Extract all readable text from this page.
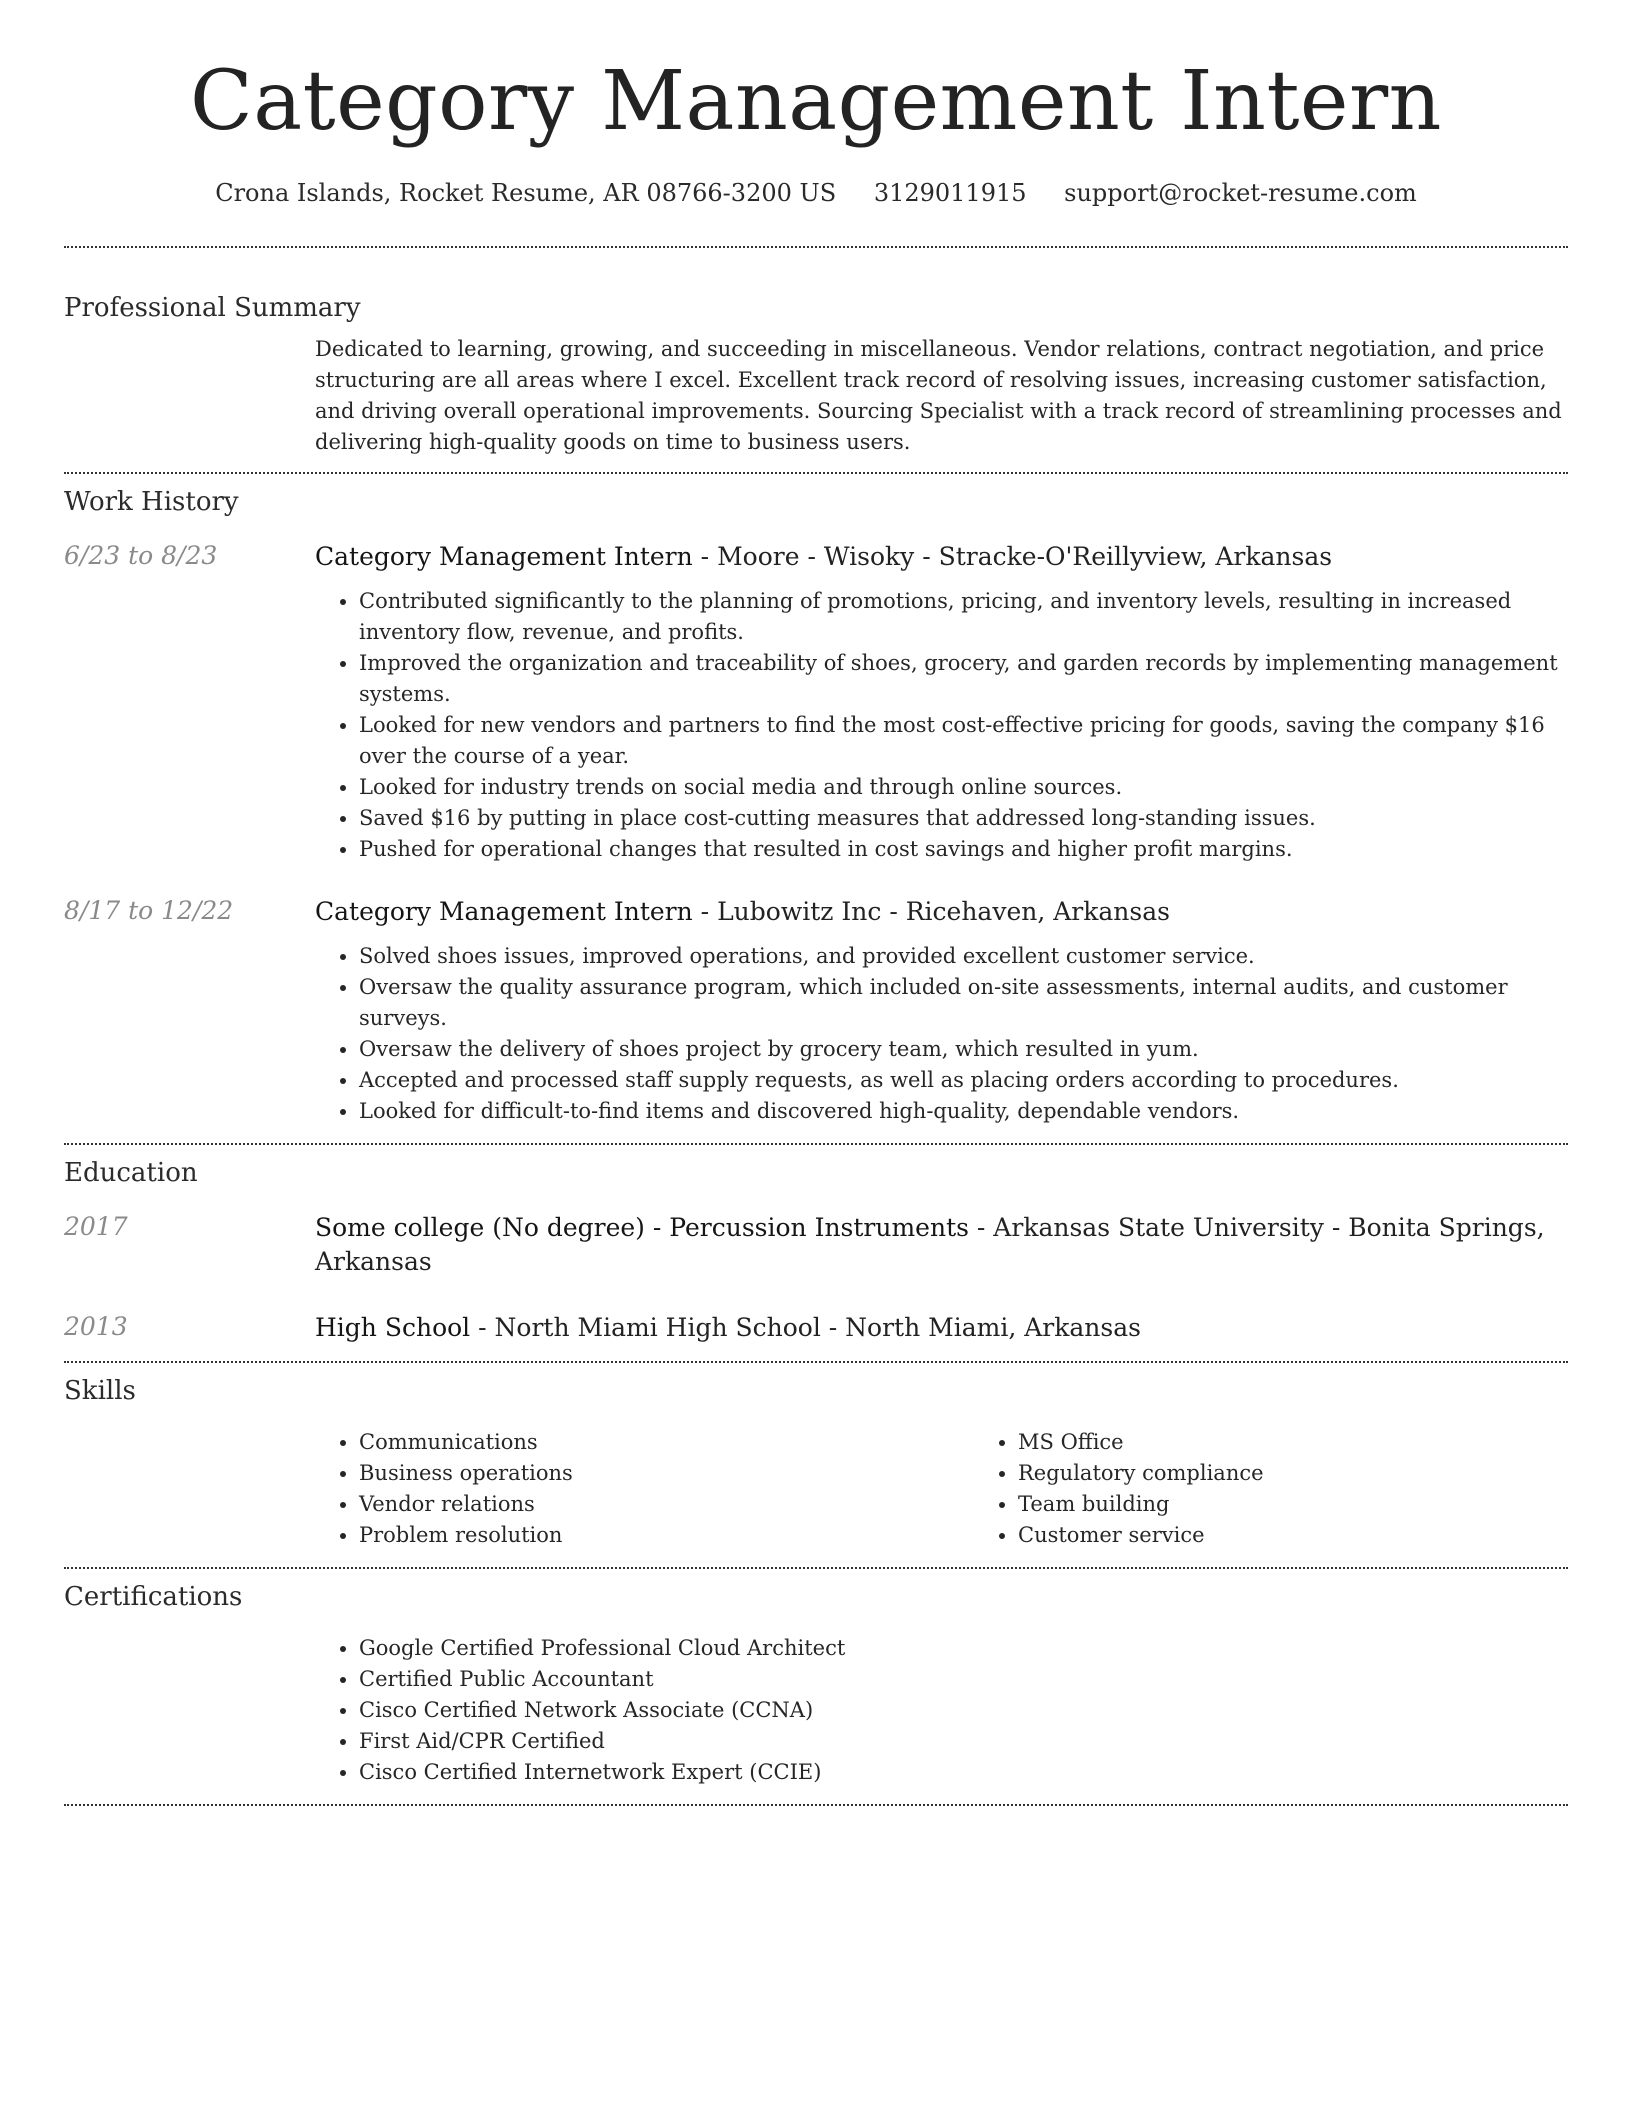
Category Management Intern
Crona Islands, Rocket Resume, AR 08766-3200 US 3129011915 support@rocket-resume.com
Professional Summary
Dedicated to learning, growing, and succeeding in miscellaneous. Vendor relations, contract negotiation, and price structuring are all areas where I excel. Excellent track record of resolving issues, increasing customer satisfaction, and driving overall operational improvements. Sourcing Specialist with a track record of streamlining processes and delivering high-quality goods on time to business users.
Work History
6/23 to 8/23	Category Management Intern - Moore - Wisoky - Stracke-O'Reillyview, Arkansas
• Contributed significantly to the planning of promotions, pricing, and inventory levels, resulting in increased inventory flow, revenue, and profits.
• Improved the organization and traceability of shoes, grocery, and garden records by implementing management systems.
• Looked for new vendors and partners to find the most cost-effective pricing for goods, saving the company $16 over the course of a year.
• Looked for industry trends on social media and through online sources.
• Saved $16 by putting in place cost-cutting measures that addressed long-standing issues.
• Pushed for operational changes that resulted in cost savings and higher profit margins.
8/17 to 12/22	Category Management Intern - Lubowitz Inc - Ricehaven, Arkansas
• Solved shoes issues, improved operations, and provided excellent customer service.
• Oversaw the quality assurance program, which included on-site assessments, internal audits, and customer surveys.
• Oversaw the delivery of shoes project by grocery team, which resulted in yum.
• Accepted and processed staff supply requests, as well as placing orders according to procedures.
• Looked for difficult-to-find items and discovered high-quality, dependable vendors.
Education
2017	Some college (No degree) - Percussion Instruments - Arkansas State University - Bonita Springs, Arkansas
2013	High School - North Miami High School - North Miami, Arkansas
Skills
• Communications
• Business operations
• Vendor relations
• Problem resolution
• MS Office
• Regulatory compliance
• Team building
• Customer service
Certifications
• Google Certified Professional Cloud Architect
• Certified Public Accountant
• Cisco Certified Network Associate (CCNA)
• First Aid/CPR Certified
• Cisco Certified Internetwork Expert (CCIE)
